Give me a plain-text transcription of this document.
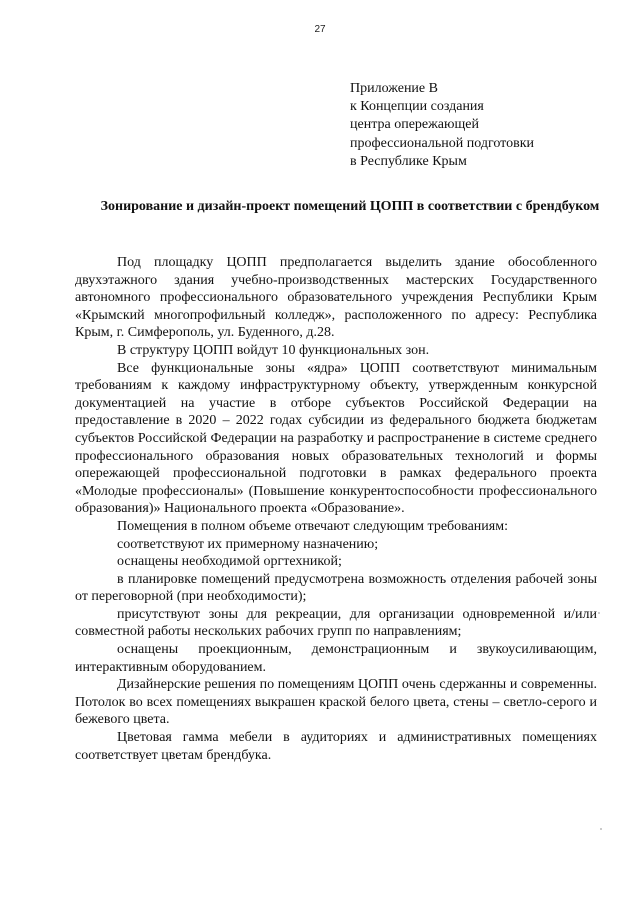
27
Приложение В
к Концепции создания
центра опережающей
профессиональной подготовки
в Республике Крым
Зонирование и дизайн-проект помещений ЦОПП в соответствии с брендбуком

Под площадку ЦОПП предполагается выделить здание обособленного двухэтажного здания учебно-производственных мастерских Государственного автономного профессионального образовательного учреждения Республики Крым «Крымский многопрофильный колледж», расположенного по адресу: Республика Крым, г. Симферополь, ул. Буденного, д.28.

В структуру ЦОПП войдут 10 функциональных зон.

Все функциональные зоны «ядра» ЦОПП соответствуют минимальным требованиям к каждому инфраструктурному объекту, утвержденным конкурсной документацией на участие в отборе субъектов Российской Федерации на предоставление в 2020 – 2022 годах субсидии из федерального бюджета бюджетам субъектов Российской Федерации на разработку и распространение в системе среднего профессионального образования новых образовательных технологий и формы опережающей профессиональной подготовки в рамках федерального проекта «Молодые профессионалы» (Повышение конкурентоспособности профессионального образования)» Национального проекта «Образование».

Помещения в полном объеме отвечают следующим требованиям:

соответствуют их примерному назначению;

оснащены необходимой оргтехникой;

в планировке помещений предусмотрена возможность отделения рабочей зоны от переговорной (при необходимости);

присутствуют зоны для рекреации, для организации одновременной и/или совместной работы нескольких рабочих групп по направлениям;

оснащены проекционным, демонстрационным и звукоусиливающим, интерактивным оборудованием.

Дизайнерские решения по помещениям ЦОПП очень сдержанны и современны. Потолок во всех помещениях выкрашен краской белого цвета, стены – светло-серого и бежевого цвета.

Цветовая гамма мебели в аудиториях и административных помещениях соответствует цветам брендбука.
